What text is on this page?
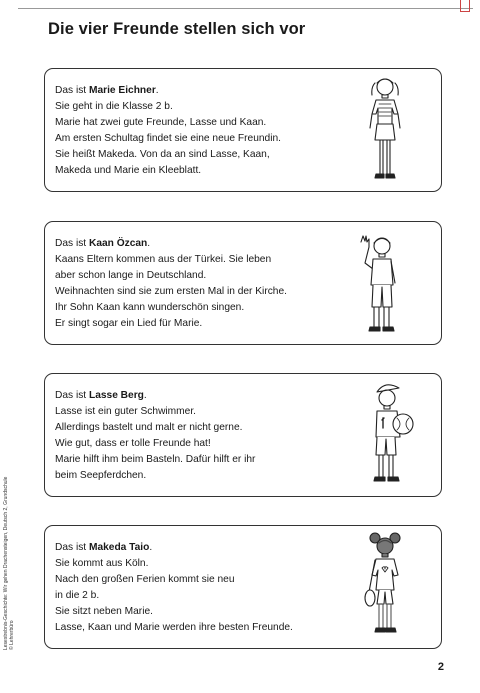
Die vier Freunde stellen sich vor
Das ist Marie Eichner.
Sie geht in die Klasse 2 b.
Marie hat zwei gute Freunde, Lasse und Kaan.
Am ersten Schultag findet sie eine neue Freundin.
Sie heißt Makeda. Von da an sind Lasse, Kaan,
Makeda und Marie ein Kleeblatt.
Das ist Kaan Özcan.
Kaans Eltern kommen aus der Türkei. Sie leben
aber schon lange in Deutschland.
Weihnachten sind sie zum ersten Mal in der Kirche.
Ihr Sohn Kaan kann wunderschön singen.
Er singt sogar ein Lied für Marie.
Das ist Lasse Berg.
Lasse ist ein guter Schwimmer.
Allerdings bastelt und malt er nicht gerne.
Wie gut, dass er tolle Freunde hat!
Marie hilft ihm beim Basteln. Dafür hilft er ihr
beim Seepferdchen.
Das ist Makeda Taio.
Sie kommt aus Köln.
Nach den großen Ferien kommt sie neu
in die 2 b.
Sie sitzt neben Marie.
Lasse, Kaan und Marie werden ihre besten Freunde.
Lesestrebnis-Geschichte: Wir gehen Drachensteigen, Deutsch 2, Grundschule © Lehrerbüro
2
